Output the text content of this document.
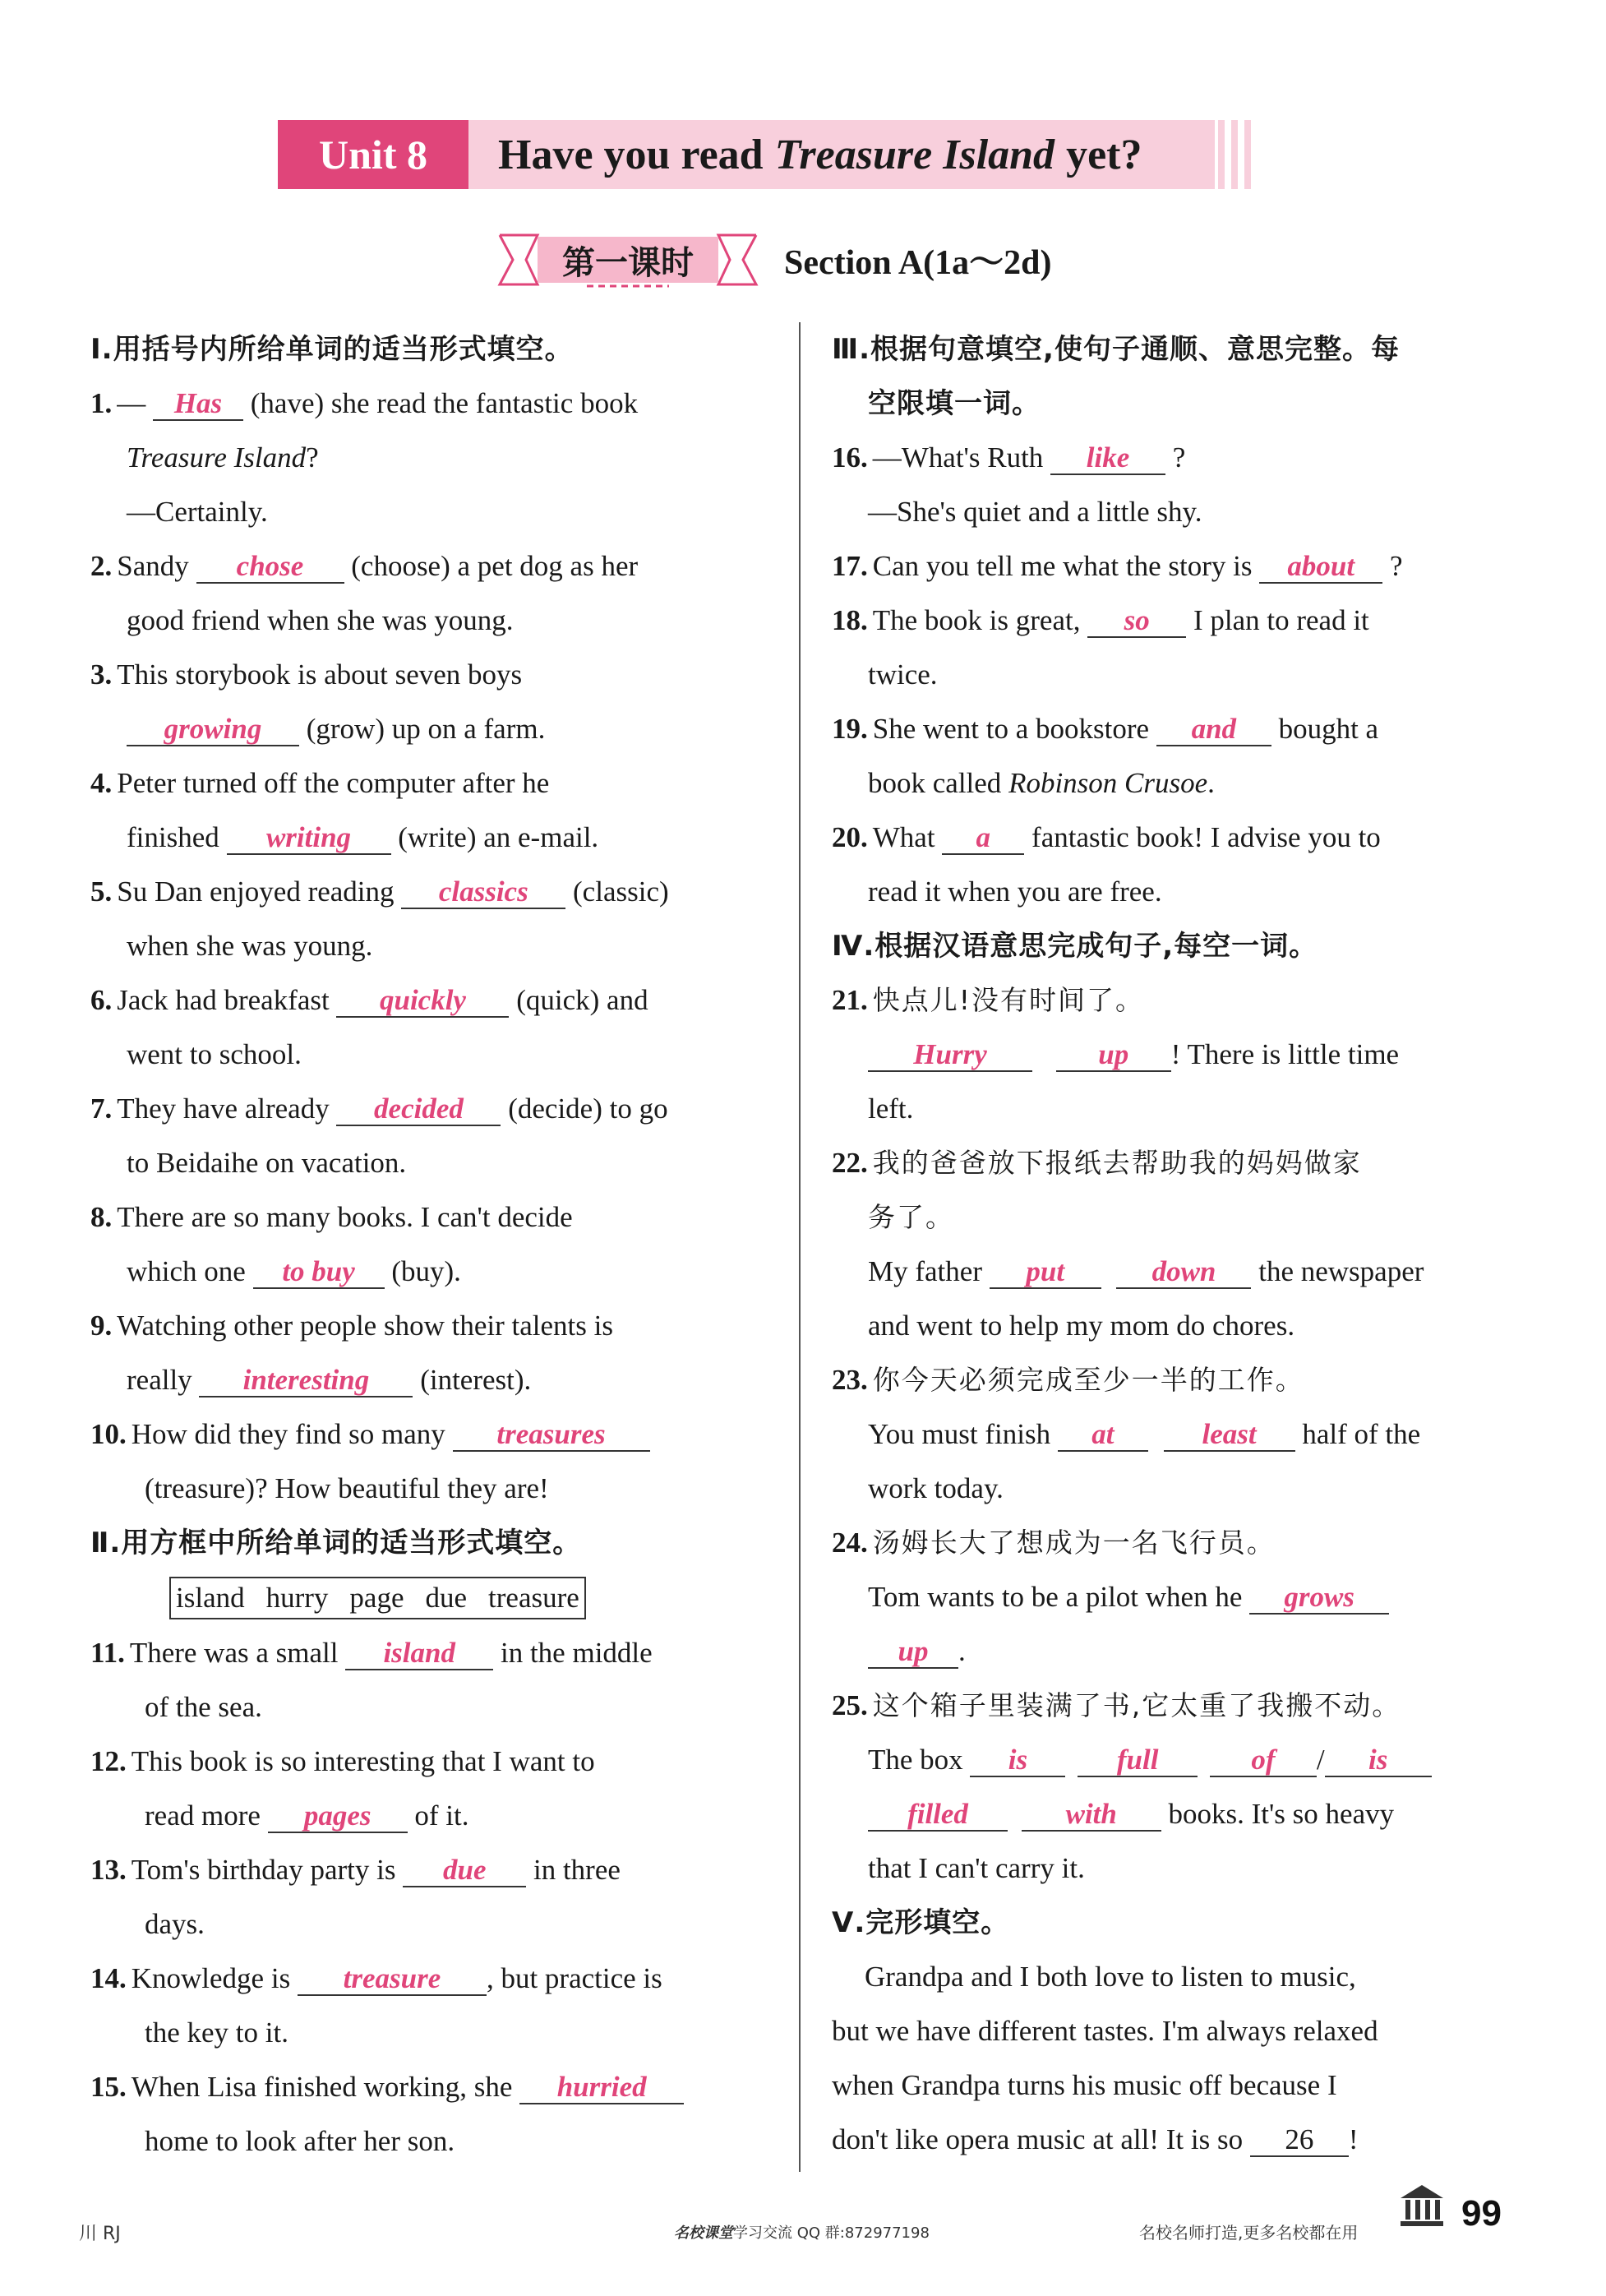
Unit 8	Have you read Treasure Island yet?
第一课时	Section A(1a～2d)
Ⅰ.用括号内所给单词的适当形式填空。
1. — Has (have) she read the fantastic book
Treasure Island?
—Certainly.
2. Sandy chose (choose) a pet dog as her
good friend when she was young.
3. This storybook is about seven boys
growing (grow) up on a farm.
4. Peter turned off the computer after he
finished writing (write) an e-mail.
5. Su Dan enjoyed reading classics (classic)
when she was young.
6. Jack had breakfast quickly (quick) and
went to school.
7. They have already decided (decide) to go
to Beidaihe on vacation.
8. There are so many books. I can't decide
which one to buy (buy).
9. Watching other people show their talents is
really interesting (interest).
10. How did they find so many treasures
(treasure)? How beautiful they are!
Ⅱ.用方框中所给单词的适当形式填空。
island hurry page due treasure
11. There was a small island in the middle
of the sea.
12. This book is so interesting that I want to
read more pages of it.
13. Tom's birthday party is due in three
days.
14. Knowledge is treasure , but practice is
the key to it.
15. When Lisa finished working, she hurried
home to look after her son.
Ⅲ.根据句意填空,使句子通顺、意思完整。每
空限填一词。
16. —What's Ruth like ?
—She's quiet and a little shy.
17. Can you tell me what the story is about ?
18. The book is great, so I plan to read it
twice.
19. She went to a bookstore and bought a
book called Robinson Crusoe.
20. What a fantastic book! I advise you to
read it when you are free.
Ⅳ.根据汉语意思完成句子,每空一词。
21. 快点儿!没有时间了。
Hurry	up ! There is little time
left.
22. 我的爸爸放下报纸去帮助我的妈妈做家
务了。
My father put	down the newspaper
and went to help my mom do chores.
23. 你今天必须完成至少一半的工作。
You must finish at	least half of the
work today.
24. 汤姆长大了想成为一名飞行员。
Tom wants to be a pilot when he grows
up .
25. 这个箱子里装满了书,它太重了我搬不动。
The box is	full	of / is
filled	with books. It's so heavy
that I can't carry it.
Ⅴ.完形填空。
Grandpa and I both love to listen to music,
but we have different tastes. I'm always relaxed
when Grandpa turns his music off because I
don't like opera music at all! It is so 26 !
川 RJ	名校课堂学习交流 QQ 群:872977198	名校名师打造,更多名校都在用	99
